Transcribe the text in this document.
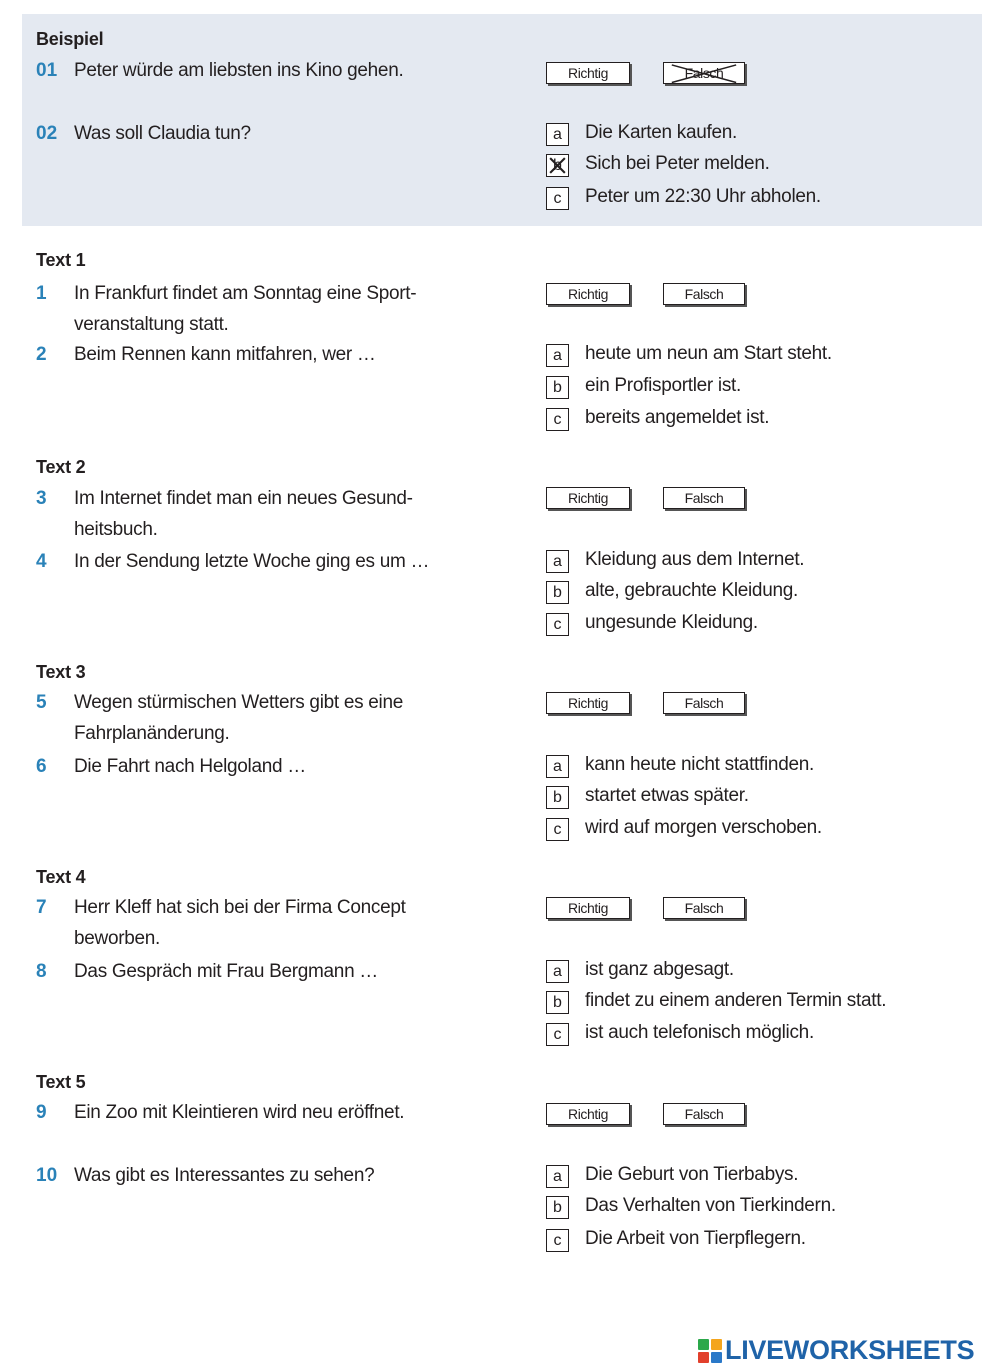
Beispiel
01 Peter würde am liebsten ins Kino gehen.	Richtig	Falsch
02 Was soll Claudia tun?	a	Die Karten kaufen.
b Sich bei Peter melden.
c	Peter um 22:30 Uhr abholen.
Text 1
1 In Frankfurt findet am Sonntag eine Sport-veranstaltung statt.
Richtig	Falsch
2 Beim Rennen kann mitfahren, wer …	a	heute um neun am Start steht.
b	ein Profisportler ist.
c	bereits angemeldet ist.
Text 2
3 Im Internet findet man ein neues Gesund-heitsbuch.
Richtig	Falsch
4 In der Sendung letzte Woche ging es um …	a	Kleidung aus dem Internet.
b	alte, gebrauchte Kleidung.
c	ungesunde Kleidung.
Text 3
5 Wegen stürmischen Wetters gibt es eine Fahrplanänderung.
Richtig	Falsch
6 Die Fahrt nach Helgoland …	a	kann heute nicht stattfinden.
b	startet etwas später.
c	wird auf morgen verschoben.
Text 4
7 Herr Kleff hat sich bei der Firma Concept beworben.
Richtig	Falsch
8 Das Gespräch mit Frau Bergmann …	a	ist ganz abgesagt.
b	findet zu einem anderen Termin statt.
c	ist auch telefonisch möglich.
Text 5
9 Ein Zoo mit Kleintieren wird neu eröffnet.	Richtig	Falsch
10 Was gibt es Interessantes zu sehen?	a	Die Geburt von Tierbabys.
b	Das Verhalten von Tierkindern.
c	Die Arbeit von Tierpflegern.
LIVEWORKSHEETS
